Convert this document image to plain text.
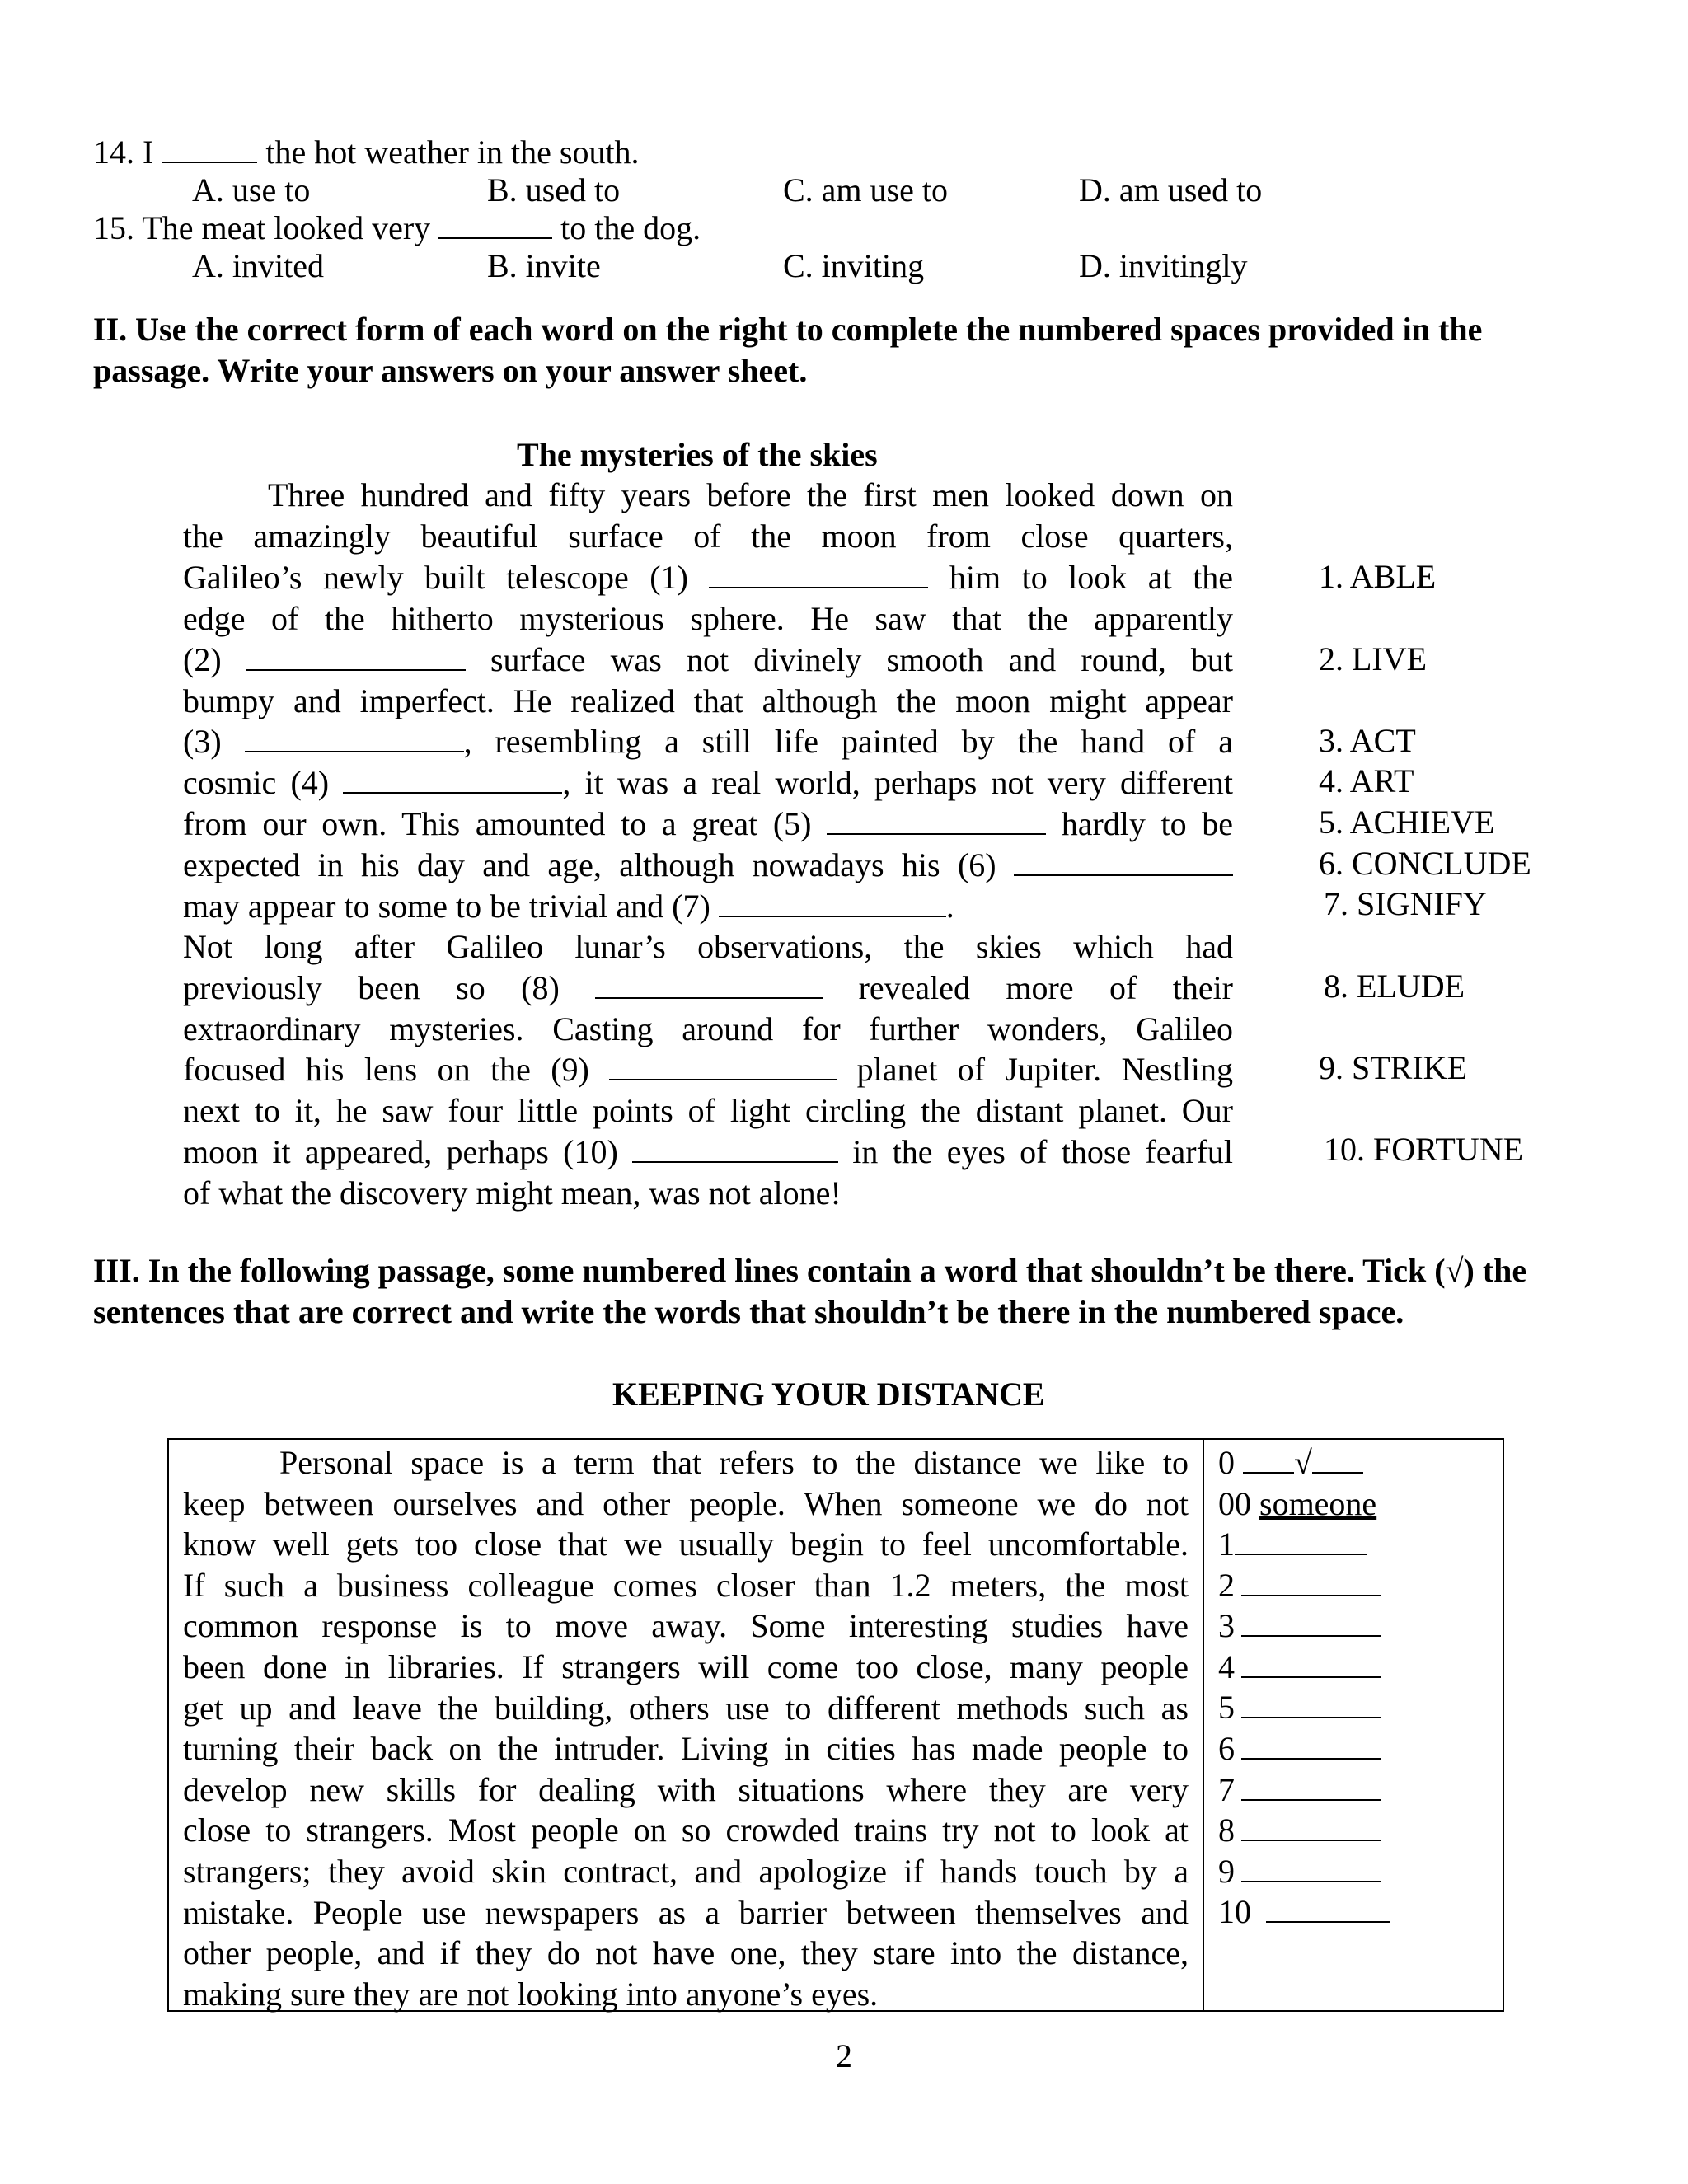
14. I	the hot weather in the south.
A. use to	B. used to	C. am use to	D. am used to
15. The meat looked very	to the dog.
A. invited	B. invite	C. inviting	D. invitingly
II. Use the correct form of each word on the right to complete the numbered spaces provided in the passage. Write your answers on your answer sheet.
The mysteries of the skies
Three hundred and fifty years before the first men looked down on
the amazingly beautiful surface of the moon from close quarters,
Galileo’s newly built telescope (1)	him to look at the
edge of the hitherto mysterious sphere. He saw that the apparently
(2)	surface was not divinely smooth and round, but
bumpy and imperfect. He realized that although the moon might appear
(3)	, resembling a still life painted by the hand of a
cosmic (4)	, it was a real world, perhaps not very different
from our own. This amounted to a great (5)	hardly to be
expected in his day and age, although nowadays his (6)
may appear to some to be trivial and (7)	.
Not long after Galileo lunar’s observations, the skies which had
previously been so (8)	revealed more of their
extraordinary mysteries. Casting around for further wonders, Galileo
focused his lens on the (9)	planet of Jupiter. Nestling
next to it, he saw four little points of light circling the distant planet. Our
moon it appeared, perhaps (10)	in the eyes of those fearful
of what the discovery might mean, was not alone!
1. ABLE
2. LIVE
3. ACT
4. ART
5. ACHIEVE
6. CONCLUDE
7. SIGNIFY
8. ELUDE
9. STRIKE
10. FORTUNE
III. In the following passage, some numbered lines contain a word that shouldn’t be there. Tick (√) the sentences that are correct and write the words that shouldn’t be there in the numbered space.
KEEPING YOUR DISTANCE
Personal space is a term that refers to the distance we like to
keep between ourselves and other people. When someone we do not
know well gets too close that we usually begin to feel uncomfortable.
If such a business colleague comes closer than 1.2 meters, the most
common response is to move away. Some interesting studies have
been done in libraries. If strangers will come too close, many people
get up and leave the building, others use to different methods such as
turning their back on the intruder. Living in cities has made people to
develop new skills for dealing with situations where they are very
close to strangers. Most people on so crowded trains try not to look at
strangers; they avoid skin contract, and apologize if hands touch by a
mistake. People use newspapers as a barrier between themselves and
other people, and if they do not have one, they stare into the distance,
making sure they are not looking into anyone’s eyes.
0 √
00 someone
1
2
3
4
5
6
7
8
9
10
2
